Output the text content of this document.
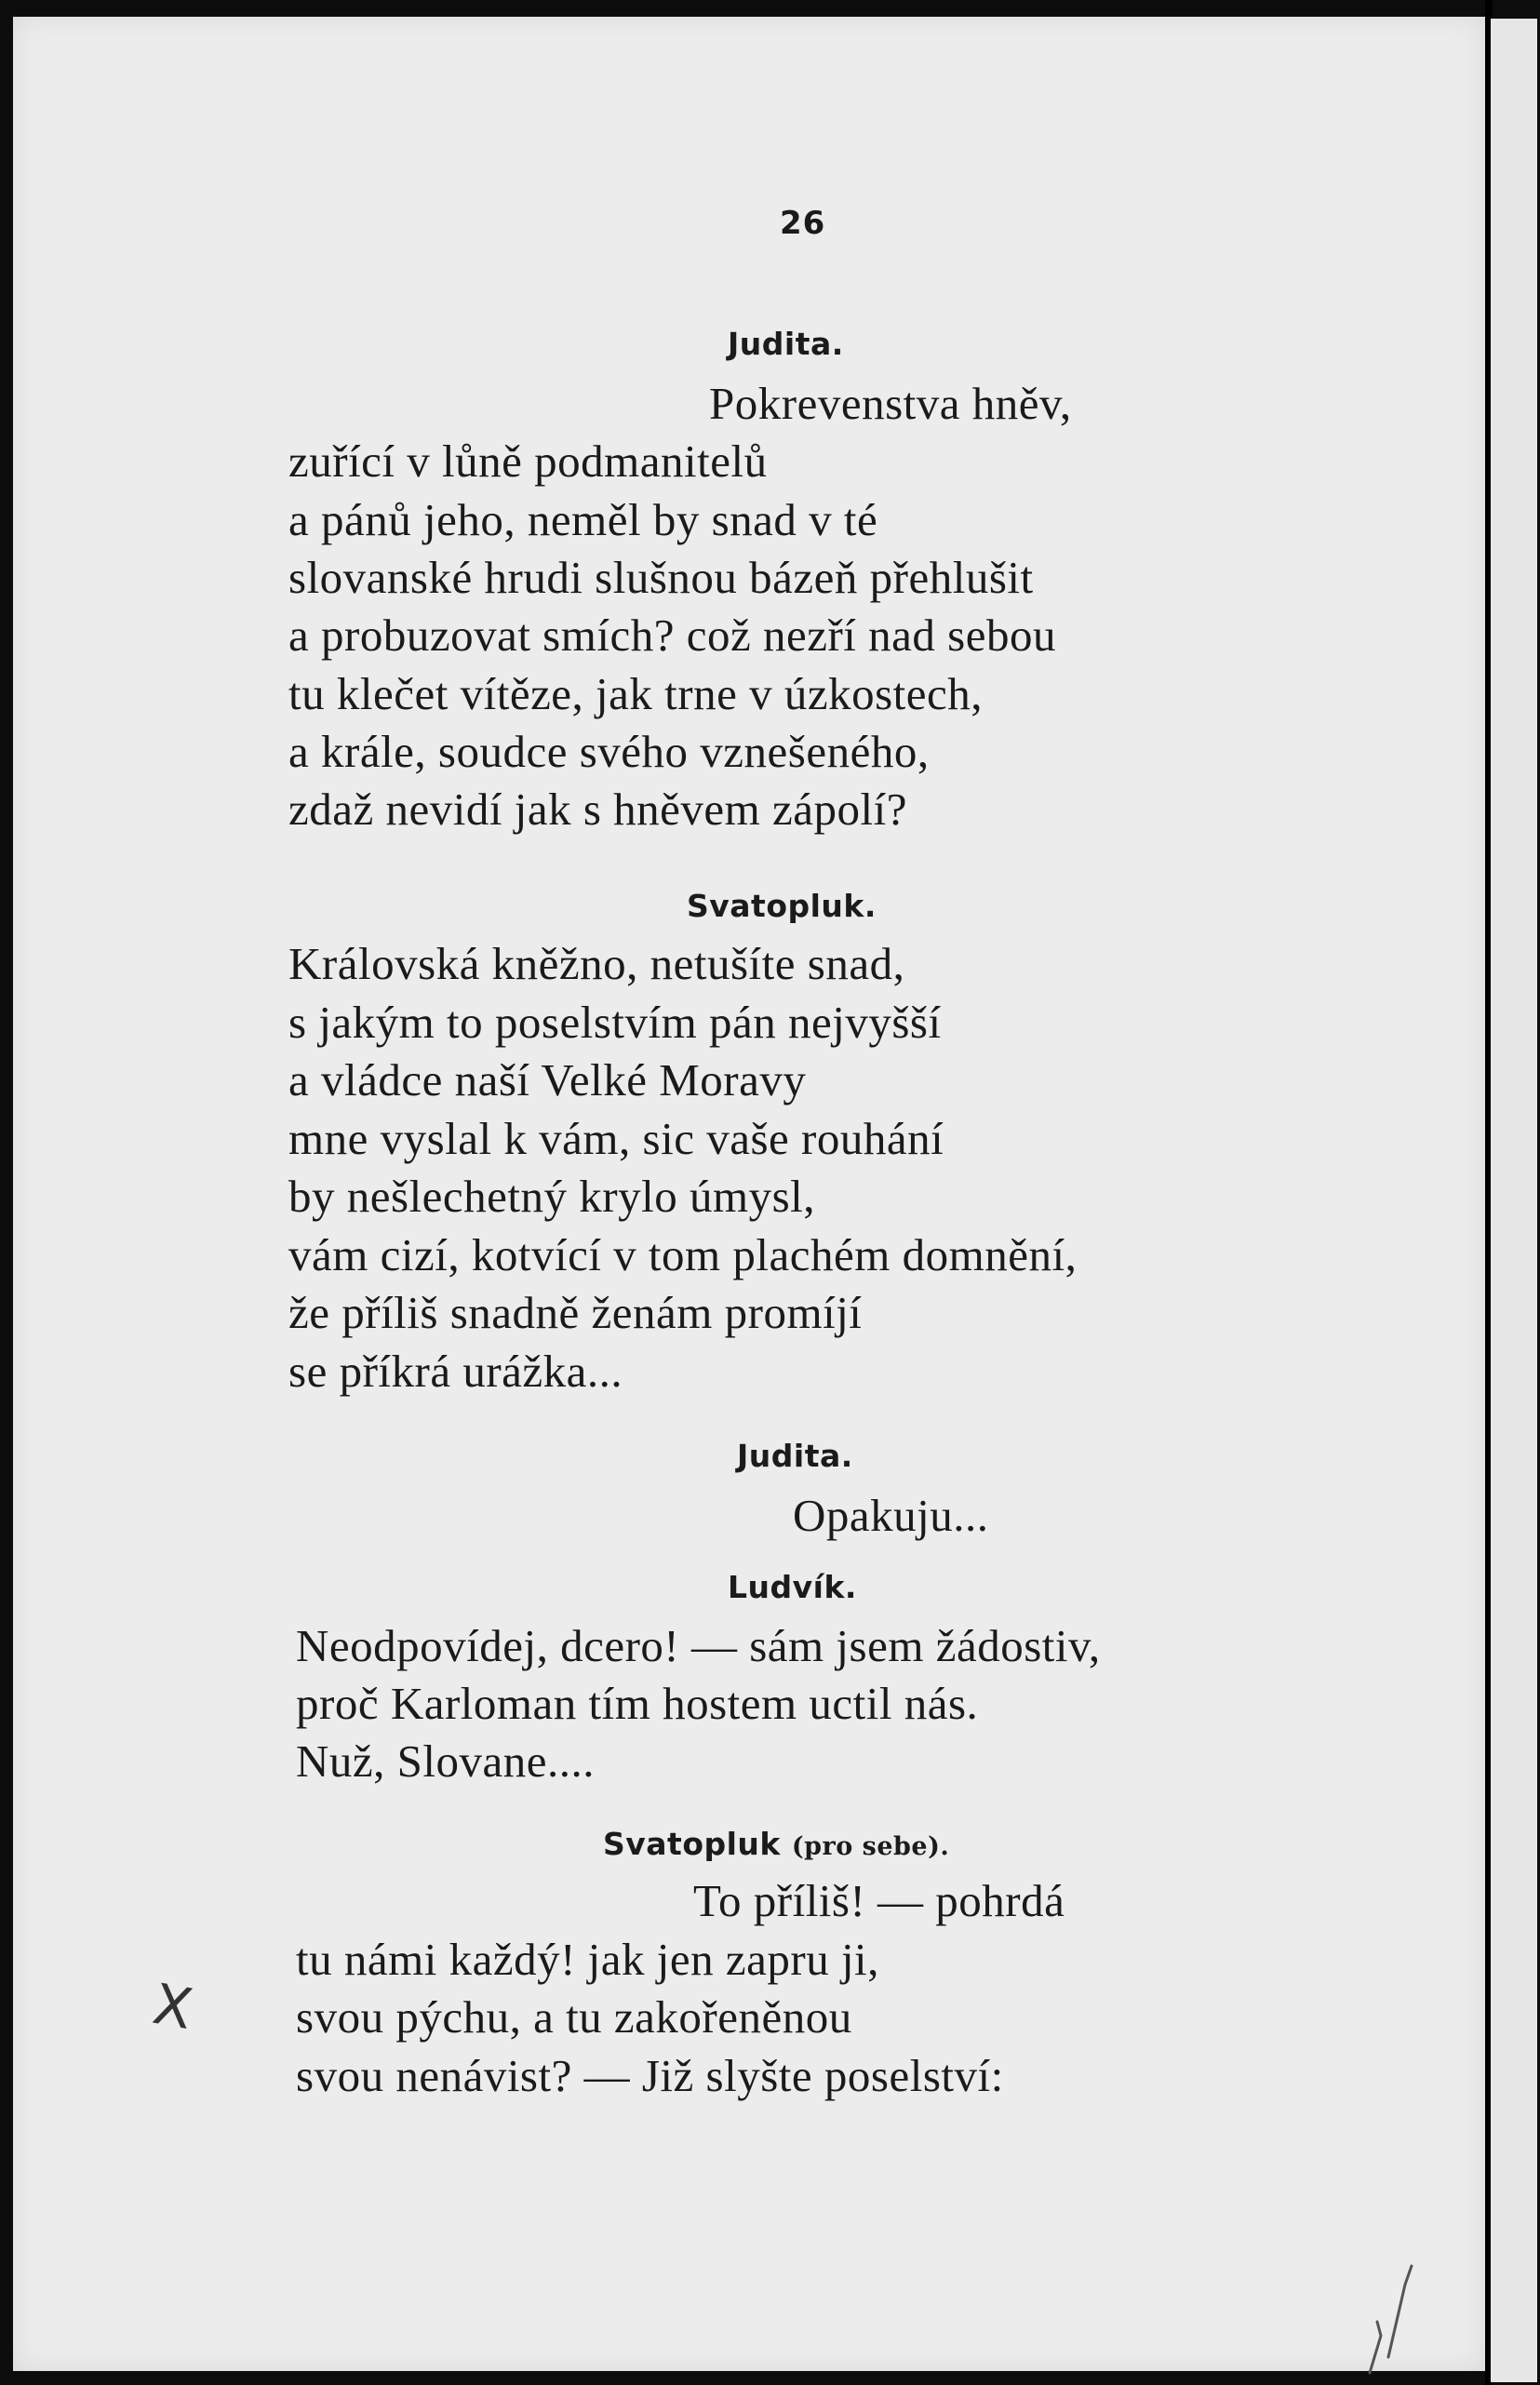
26
Judita.
Pokrevenstva hněv,
zuřící v lůně podmanitelů
a pánů jeho, neměl by snad v té
slovanské hrudi slušnou bázeň přehlušit
a probuzovat smích? což nezří nad sebou
tu klečet vítěze, jak trne v úzkostech,
a krále, soudce svého vznešeného,
zdaž nevidí jak s hněvem zápolí?
Svatopluk.
Královská kněžno, netušíte snad,
s jakým to poselstvím pán nejvyšší
a vládce naší Velké Moravy
mne vyslal k vám, sic vaše rouhání
by nešlechetný krylo úmysl,
vám cizí, kotvící v tom plachém domnění,
že příliš snadně ženám promíjí
se příkrá urážka...
Judita.
Opakuju...
Ludvík.
Neodpovídej, dcero! — sám jsem žádostiv,
proč Karloman tím hostem uctil nás.
Nuž, Slovane....
Svatopluk (pro sebe).
To příliš! — pohrdá
tu námi každý! jak jen zapru ji,
svou pýchu, a tu zakořeněnou
svou nenávist? — Již slyšte poselství:
X
